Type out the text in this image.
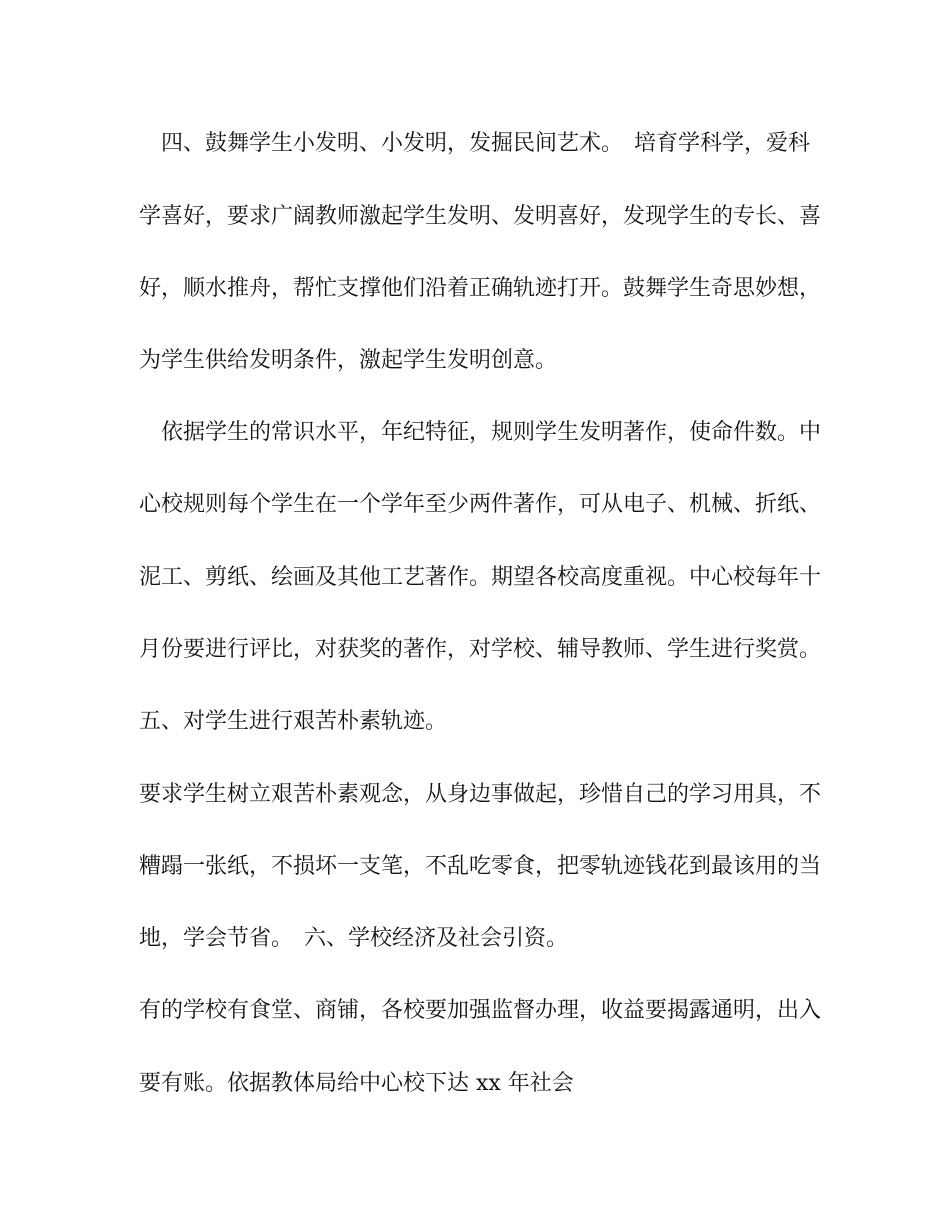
　四、鼓舞学生小发明、小发明，发掘民间艺术。　培育学科学，爱科
学喜好，要求广阔教师激起学生发明、发明喜好，发现学生的专长、喜
好，顺水推舟，帮忙支撑他们沿着正确轨迹打开。鼓舞学生奇思妙想，
为学生供给发明条件，激起学生发明创意。
　依据学生的常识水平，年纪特征，规则学生发明著作，使命件数。中
心校规则每个学生在一个学年至少两件著作，可从电子、机械、折纸、
泥工、剪纸、绘画及其他工艺著作。期望各校高度重视。中心校每年十
月份要进行评比，对获奖的著作，对学校、辅导教师、学生进行奖赏。
五、对学生进行艰苦朴素轨迹。
要求学生树立艰苦朴素观念，从身边事做起，珍惜自己的学习用具，不
糟蹋一张纸，不损坏一支笔，不乱吃零食，把零轨迹钱花到最该用的当
地，学会节省。　六、学校经济及社会引资。
有的学校有食堂、商铺，各校要加强监督办理，收益要揭露通明，出入
要有账。依据教体局给中心校下达 xx 年社会
